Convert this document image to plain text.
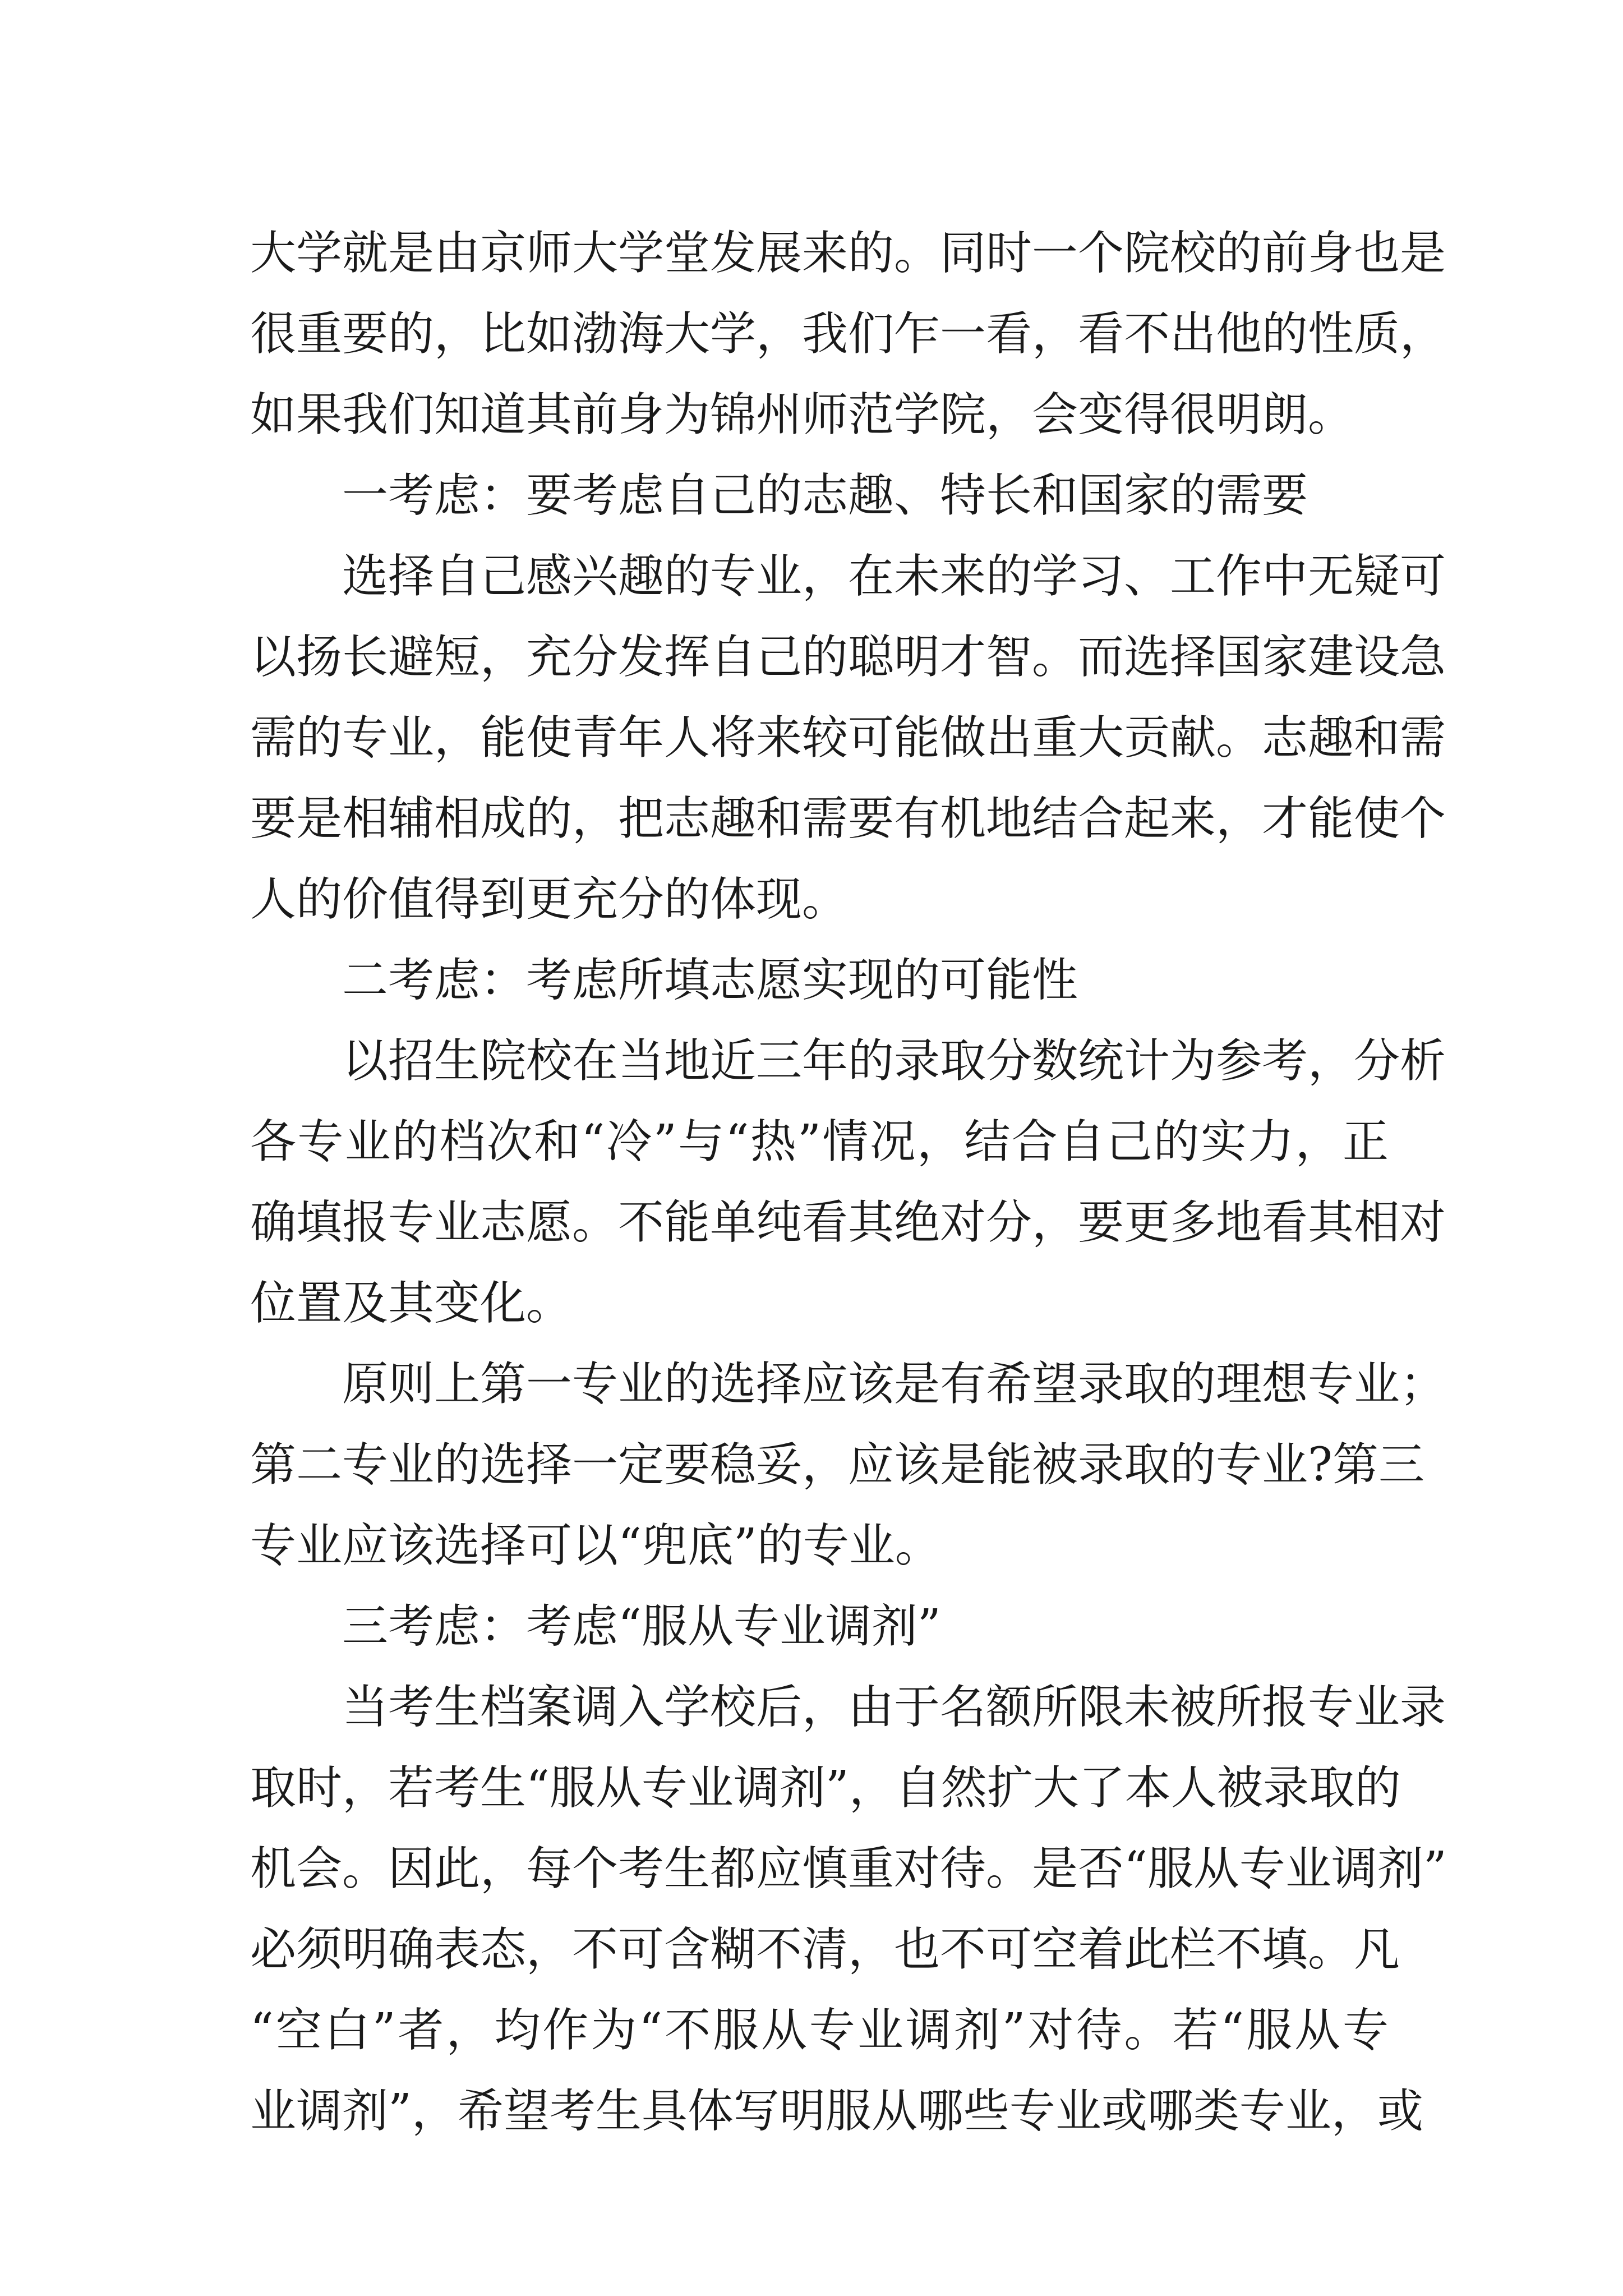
大学就是由京师大学堂发展来的。同时一个院校的前身也是
很重要的，比如渤海大学，我们乍一看，看不出他的性质，
如果我们知道其前身为锦州师范学院，会变得很明朗。
一考虑：要考虑自己的志趣、特长和国家的需要
选择自己感兴趣的专业，在未来的学习、工作中无疑可
以扬长避短，充分发挥自己的聪明才智。而选择国家建设急
需的专业，能使青年人将来较可能做出重大贡献。志趣和需
要是相辅相成的，把志趣和需要有机地结合起来，才能使个
人的价值得到更充分的体现。
二考虑：考虑所填志愿实现的可能性
以招生院校在当地近三年的录取分数统计为参考，分析
各专业的档次和“冷”与“热”情况，结合自己的实力，正
确填报专业志愿。不能单纯看其绝对分，要更多地看其相对
位置及其变化。
原则上第一专业的选择应该是有希望录取的理想专业；
第二专业的选择一定要稳妥，应该是能被录取的专业?第三
专业应该选择可以“兜底”的专业。
三考虑：考虑“服从专业调剂”
当考生档案调入学校后，由于名额所限未被所报专业录
取时，若考生“服从专业调剂”，自然扩大了本人被录取的
机会。因此，每个考生都应慎重对待。是否“服从专业调剂”
必须明确表态，不可含糊不清，也不可空着此栏不填。凡
“空白”者，均作为“不服从专业调剂”对待。若“服从专
业调剂”，希望考生具体写明服从哪些专业或哪类专业，或
